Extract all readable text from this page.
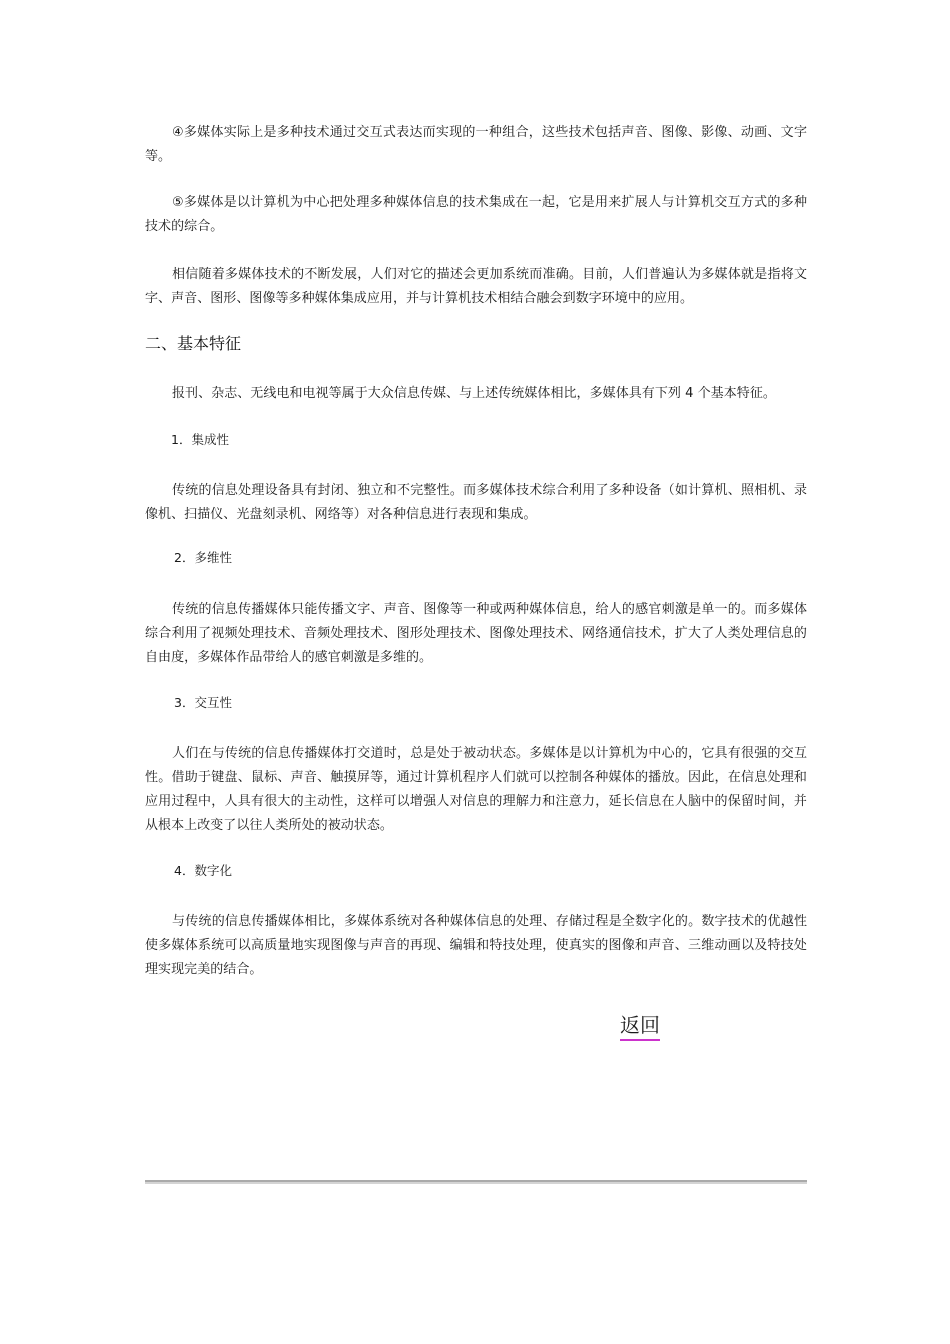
④多媒体实际上是多种技术通过交互式表达而实现的一种组合，这些技术包括声音、图像、影像、动画、文字等。

⑤多媒体是以计算机为中心把处理多种媒体信息的技术集成在一起，它是用来扩展人与计算机交互方式的多种技术的综合。

相信随着多媒体技术的不断发展，人们对它的描述会更加系统而准确。目前，人们普遍认为多媒体就是指将文字、声音、图形、图像等多种媒体集成应用，并与计算机技术相结合融会到数字环境中的应用。

二、基本特征

报刊、杂志、无线电和电视等属于大众信息传媒、与上述传统媒体相比，多媒体具有下列 4 个基本特征。

1．集成性

传统的信息处理设备具有封闭、独立和不完整性。而多媒体技术综合利用了多种设备（如计算机、照相机、录像机、扫描仪、光盘刻录机、网络等）对各种信息进行表现和集成。

2．多维性

传统的信息传播媒体只能传播文字、声音、图像等一种或两种媒体信息，给人的感官刺激是单一的。而多媒体综合利用了视频处理技术、音频处理技术、图形处理技术、图像处理技术、网络通信技术，扩大了人类处理信息的自由度，多媒体作品带给人的感官刺激是多维的。

3．交互性

人们在与传统的信息传播媒体打交道时，总是处于被动状态。多媒体是以计算机为中心的，它具有很强的交互性。借助于键盘、鼠标、声音、触摸屏等，通过计算机程序人们就可以控制各种媒体的播放。因此，在信息处理和应用过程中，人具有很大的主动性，这样可以增强人对信息的理解力和注意力，延长信息在人脑中的保留时间，并从根本上改变了以往人类所处的被动状态。

4．数字化

与传统的信息传播媒体相比，多媒体系统对各种媒体信息的处理、存储过程是全数字化的。数字技术的优越性使多媒体系统可以高质量地实现图像与声音的再现、编辑和特技处理，使真实的图像和声音、三维动画以及特技处理实现完美的结合。

返回
